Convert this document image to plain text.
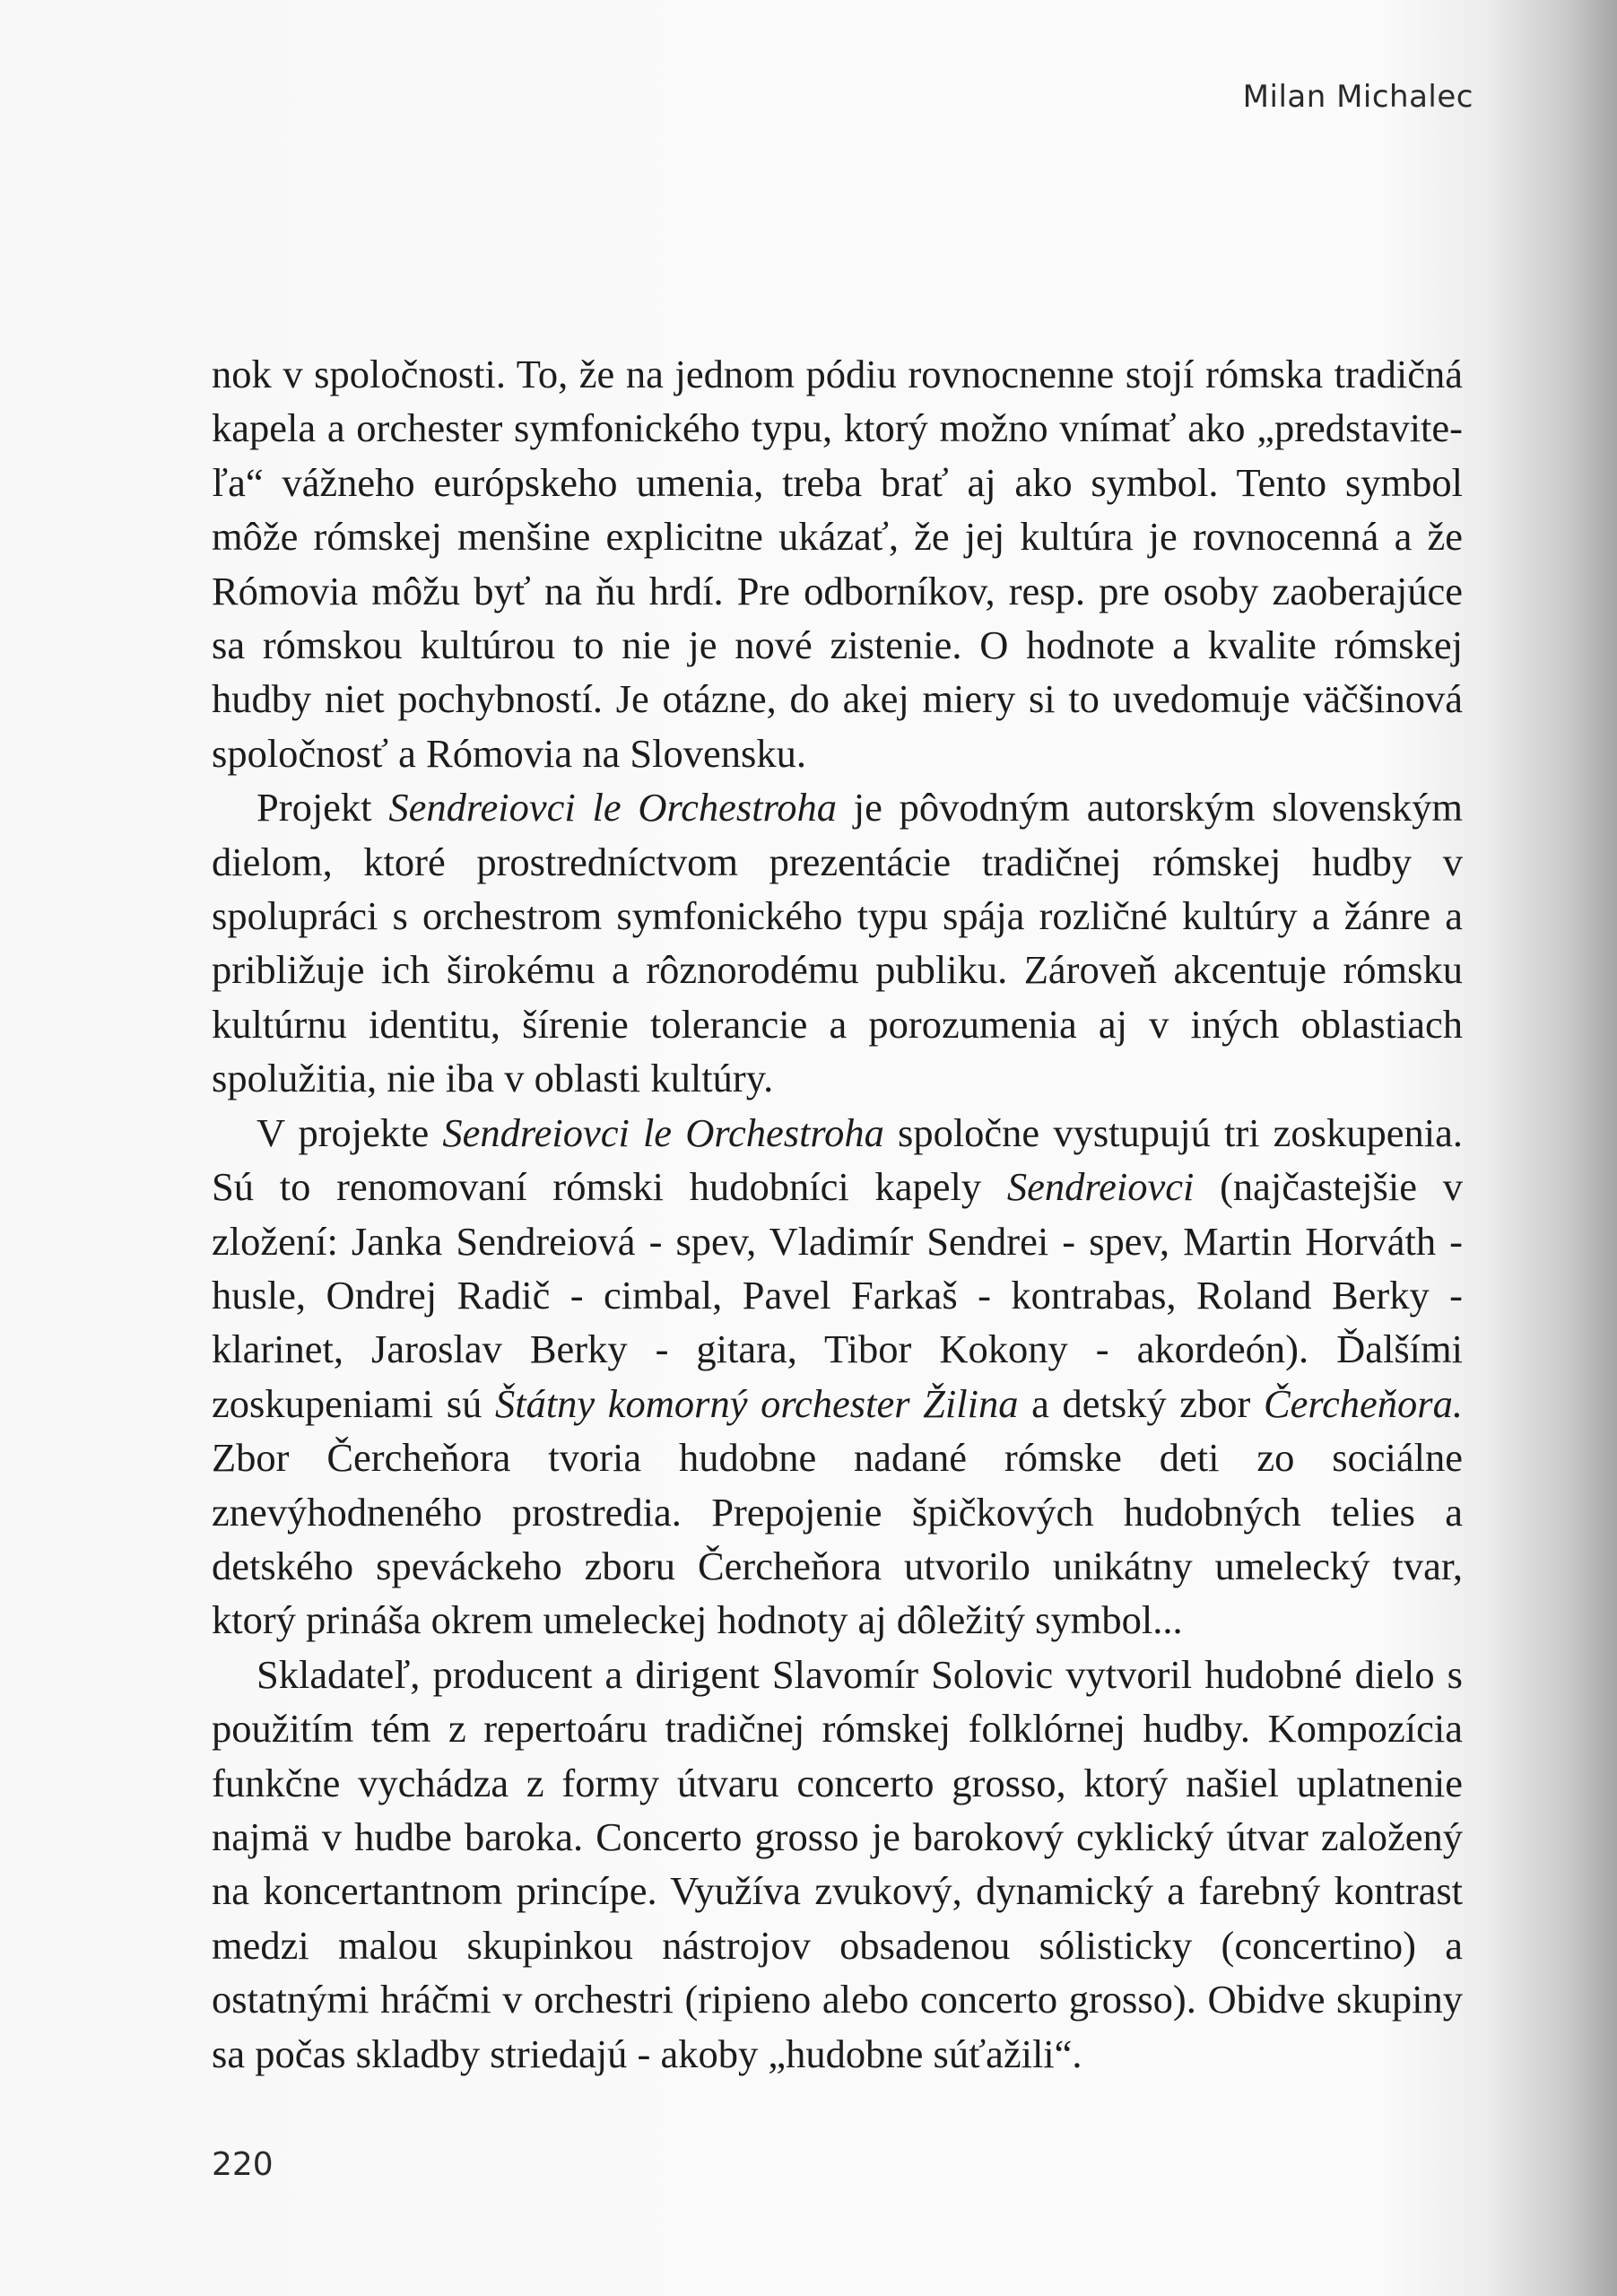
Milan Michalec

nok v spoločnosti. To, že na jednom pódiu rovnocnenne stojí rómska tradičná kapela a orchester symfonického typu, ktorý možno vnímať ako „predstavite-ľa“ vážneho európskeho umenia, treba brať aj ako symbol. Tento symbol môže rómskej menšine explicitne ukázať, že jej kultúra je rovnocenná a že Rómovia môžu byť na ňu hrdí. Pre odborníkov, resp. pre osoby zaoberajúce sa rómskou kultúrou to nie je nové zistenie. O hodnote a kvalite rómskej hudby niet pochybností. Je otázne, do akej miery si to uvedomuje väčšinová spoločnosť a Rómovia na Slovensku.

Projekt Sendreiovci le Orchestroha je pôvodným autorským slovenským dielom, ktoré prostredníctvom prezentácie tradičnej rómskej hudby v spolupráci s orchestrom symfonického typu spája rozličné kultúry a žánre a približuje ich širokému a rôznorodému publiku. Zároveň akcentuje rómsku kultúrnu identitu, šírenie tolerancie a porozumenia aj v iných oblastiach spolužitia, nie iba v oblasti kultúry.

V projekte Sendreiovci le Orchestroha spoločne vystupujú tri zoskupenia. Sú to renomovaní rómski hudobníci kapely Sendreiovci (najčastejšie v zložení: Janka Sendreiová - spev, Vladimír Sendrei - spev, Martin Horváth - husle, Ondrej Radič - cimbal, Pavel Farkaš - kontrabas, Roland Berky - klarinet, Jaroslav Berky - gitara, Tibor Kokony - akordeón). Ďalšími zoskupeniami sú Štátny komorný orchester Žilina a detský zbor Čercheňora. Zbor Čercheňora tvoria hudobne nadané rómske deti zo sociálne znevýhodneného prostredia. Prepojenie špičkových hudobných telies a detského speváckeho zboru Čercheňora utvorilo unikátny umelecký tvar, ktorý prináša okrem umeleckej hodnoty aj dôležitý symbol...

Skladateľ, producent a dirigent Slavomír Solovic vytvoril hudobné dielo s použitím tém z repertoáru tradičnej rómskej folklórnej hudby. Kompozícia funkčne vychádza z formy útvaru concerto grosso, ktorý našiel uplatnenie najmä v hudbe baroka. Concerto grosso je barokový cyklický útvar založený na koncertantnom princípe. Využíva zvukový, dynamický a farebný kontrast medzi malou skupinkou nástrojov obsadenou sólisticky (concertino) a ostatnými hráčmi v orchestri (ripieno alebo concerto grosso). Obidve skupiny sa počas skladby striedajú - akoby „hudobne súťažili“.

220
